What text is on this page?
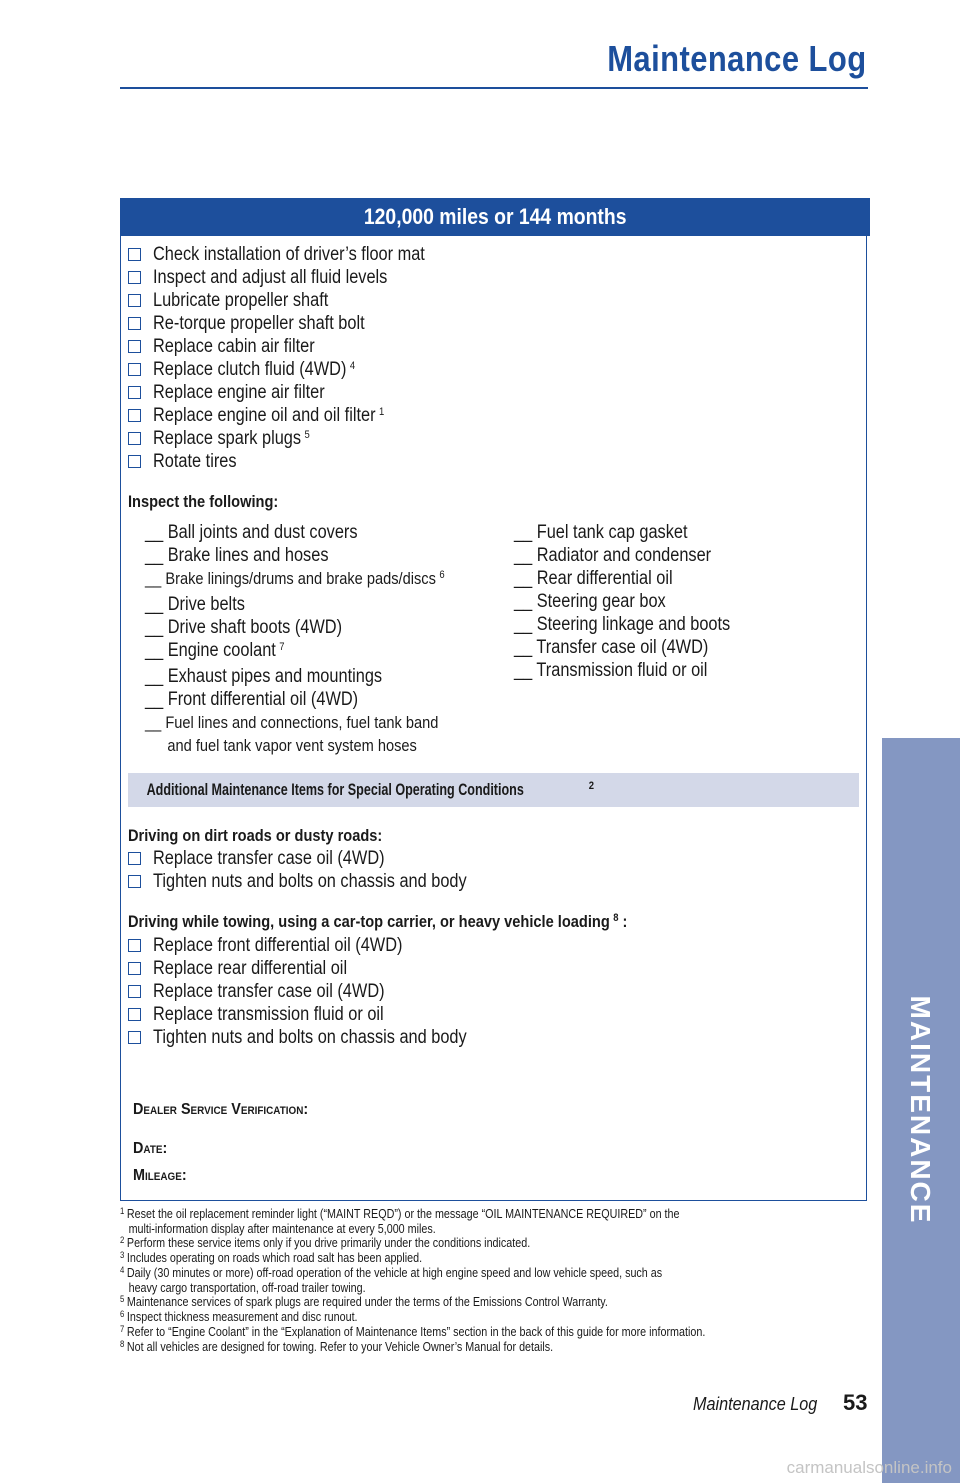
Maintenance Log
MAINTENANCE
120,000 miles or 144 months
Check installation of driver’s floor mat
Inspect and adjust all fluid levels
Lubricate propeller shaft
Re-torque propeller shaft bolt
Replace cabin air filter
Replace clutch fluid (4WD) $^4$
Replace engine air filter
Replace engine oil and oil filter $^1$
Replace spark plugs $^5$
Rotate tires
Inspect the following:
__ Ball joints and dust covers
__ Brake lines and hoses
__ Brake linings/drums and brake pads/discs $^6$
__ Drive belts
__ Drive shaft boots (4WD)
__ Engine coolant $^7$
__ Exhaust pipes and mountings
__ Front differential oil (4WD)
__ Fuel lines and connections, fuel tank band
and fuel tank vapor vent system hoses
__ Fuel tank cap gasket
__ Radiator and condenser
__ Rear differential oil
__ Steering gear box
__ Steering linkage and boots
__ Transfer case oil (4WD)
__ Transmission fluid or oil
Additional Maintenance Items for Special Operating Conditions	$^2$
Driving on dirt roads or dusty roads:
Replace transfer case oil (4WD)
Tighten nuts and bolts on chassis and body
Driving while towing, using a car-top carrier, or heavy vehicle loading $^8$ :
Replace front differential oil (4WD)
Replace rear differential oil
Replace transfer case oil (4WD)
Replace transmission fluid or oil
Tighten nuts and bolts on chassis and body
Dealer Service Verification:
Date:
Mileage:
$^1$ Reset the oil replacement reminder light (“MAINT REQD”) or the message “OIL MAINTENANCE REQUIRED” on the
multi-information display after maintenance at every 5,000 miles.
$^2$ Perform these service items only if you drive primarily under the conditions indicated.
$^3$ Includes operating on roads which road salt has been applied.
$^4$ Daily (30 minutes or more) off-road operation of the vehicle at high engine speed and low vehicle speed, such as
heavy cargo transportation, off-road trailer towing.
$^5$ Maintenance services of spark plugs are required under the terms of the Emissions Control Warranty.
$^6$ Inspect thickness measurement and disc runout.
$^7$ Refer to “Engine Coolant” in the “Explanation of Maintenance Items” section in the back of this guide for more information.
$^8$ Not all vehicles are designed for towing. Refer to your Vehicle Owner’s Manual for details.
Maintenance Log 53
carmanualsonline.info
